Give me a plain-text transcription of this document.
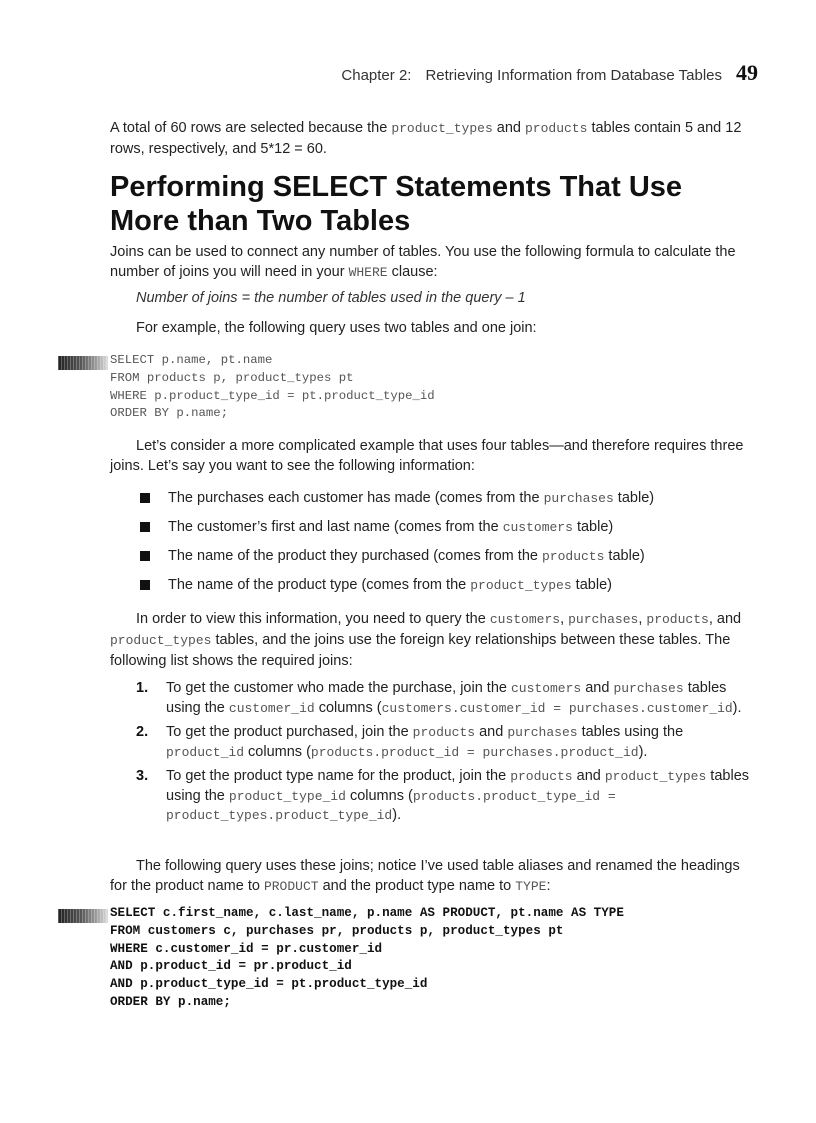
Chapter 2: Retrieving Information from Database Tables 49

A total of 60 rows are selected because the product_types and products tables contain 5 and 12 rows, respectively, and 5*12 = 60.

Performing SELECT Statements That Use More than Two Tables

Joins can be used to connect any number of tables. You use the following formula to calculate the number of joins you will need in your WHERE clause:

Number of joins = the number of tables used in the query – 1
For example, the following query uses two tables and one join:
SELECT p.name, pt.name
FROM products p, product_types pt
WHERE p.product_type_id = pt.product_type_id
ORDER BY p.name;

Let’s consider a more complicated example that uses four tables—and therefore requires three joins. Let’s say you want to see the following information:

The purchases each customer has made (comes from the purchases table)
The customer’s first and last name (comes from the customers table)
The name of the product they purchased (comes from the products table)
The name of the product type (comes from the product_types table)

In order to view this information, you need to query the customers, purchases, products, and product_types tables, and the joins use the foreign key relationships between these tables. The following list shows the required joins:

1. To get the customer who made the purchase, join the customers and purchases tables using the customer_id columns (customers.customer_id = purchases.customer_id).
2. To get the product purchased, join the products and purchases tables using the product_id columns (products.product_id = purchases.product_id).
3. To get the product type name for the product, join the products and product_types tables using the product_type_id columns (products.product_type_id = product_types.product_type_id).

The following query uses these joins; notice I’ve used table aliases and renamed the headings for the product name to PRODUCT and the product type name to TYPE:

SELECT c.first_name, c.last_name, p.name AS PRODUCT, pt.name AS TYPE
FROM customers c, purchases pr, products p, product_types pt
WHERE c.customer_id = pr.customer_id
AND p.product_id = pr.product_id
AND p.product_type_id = pt.product_type_id
ORDER BY p.name;
